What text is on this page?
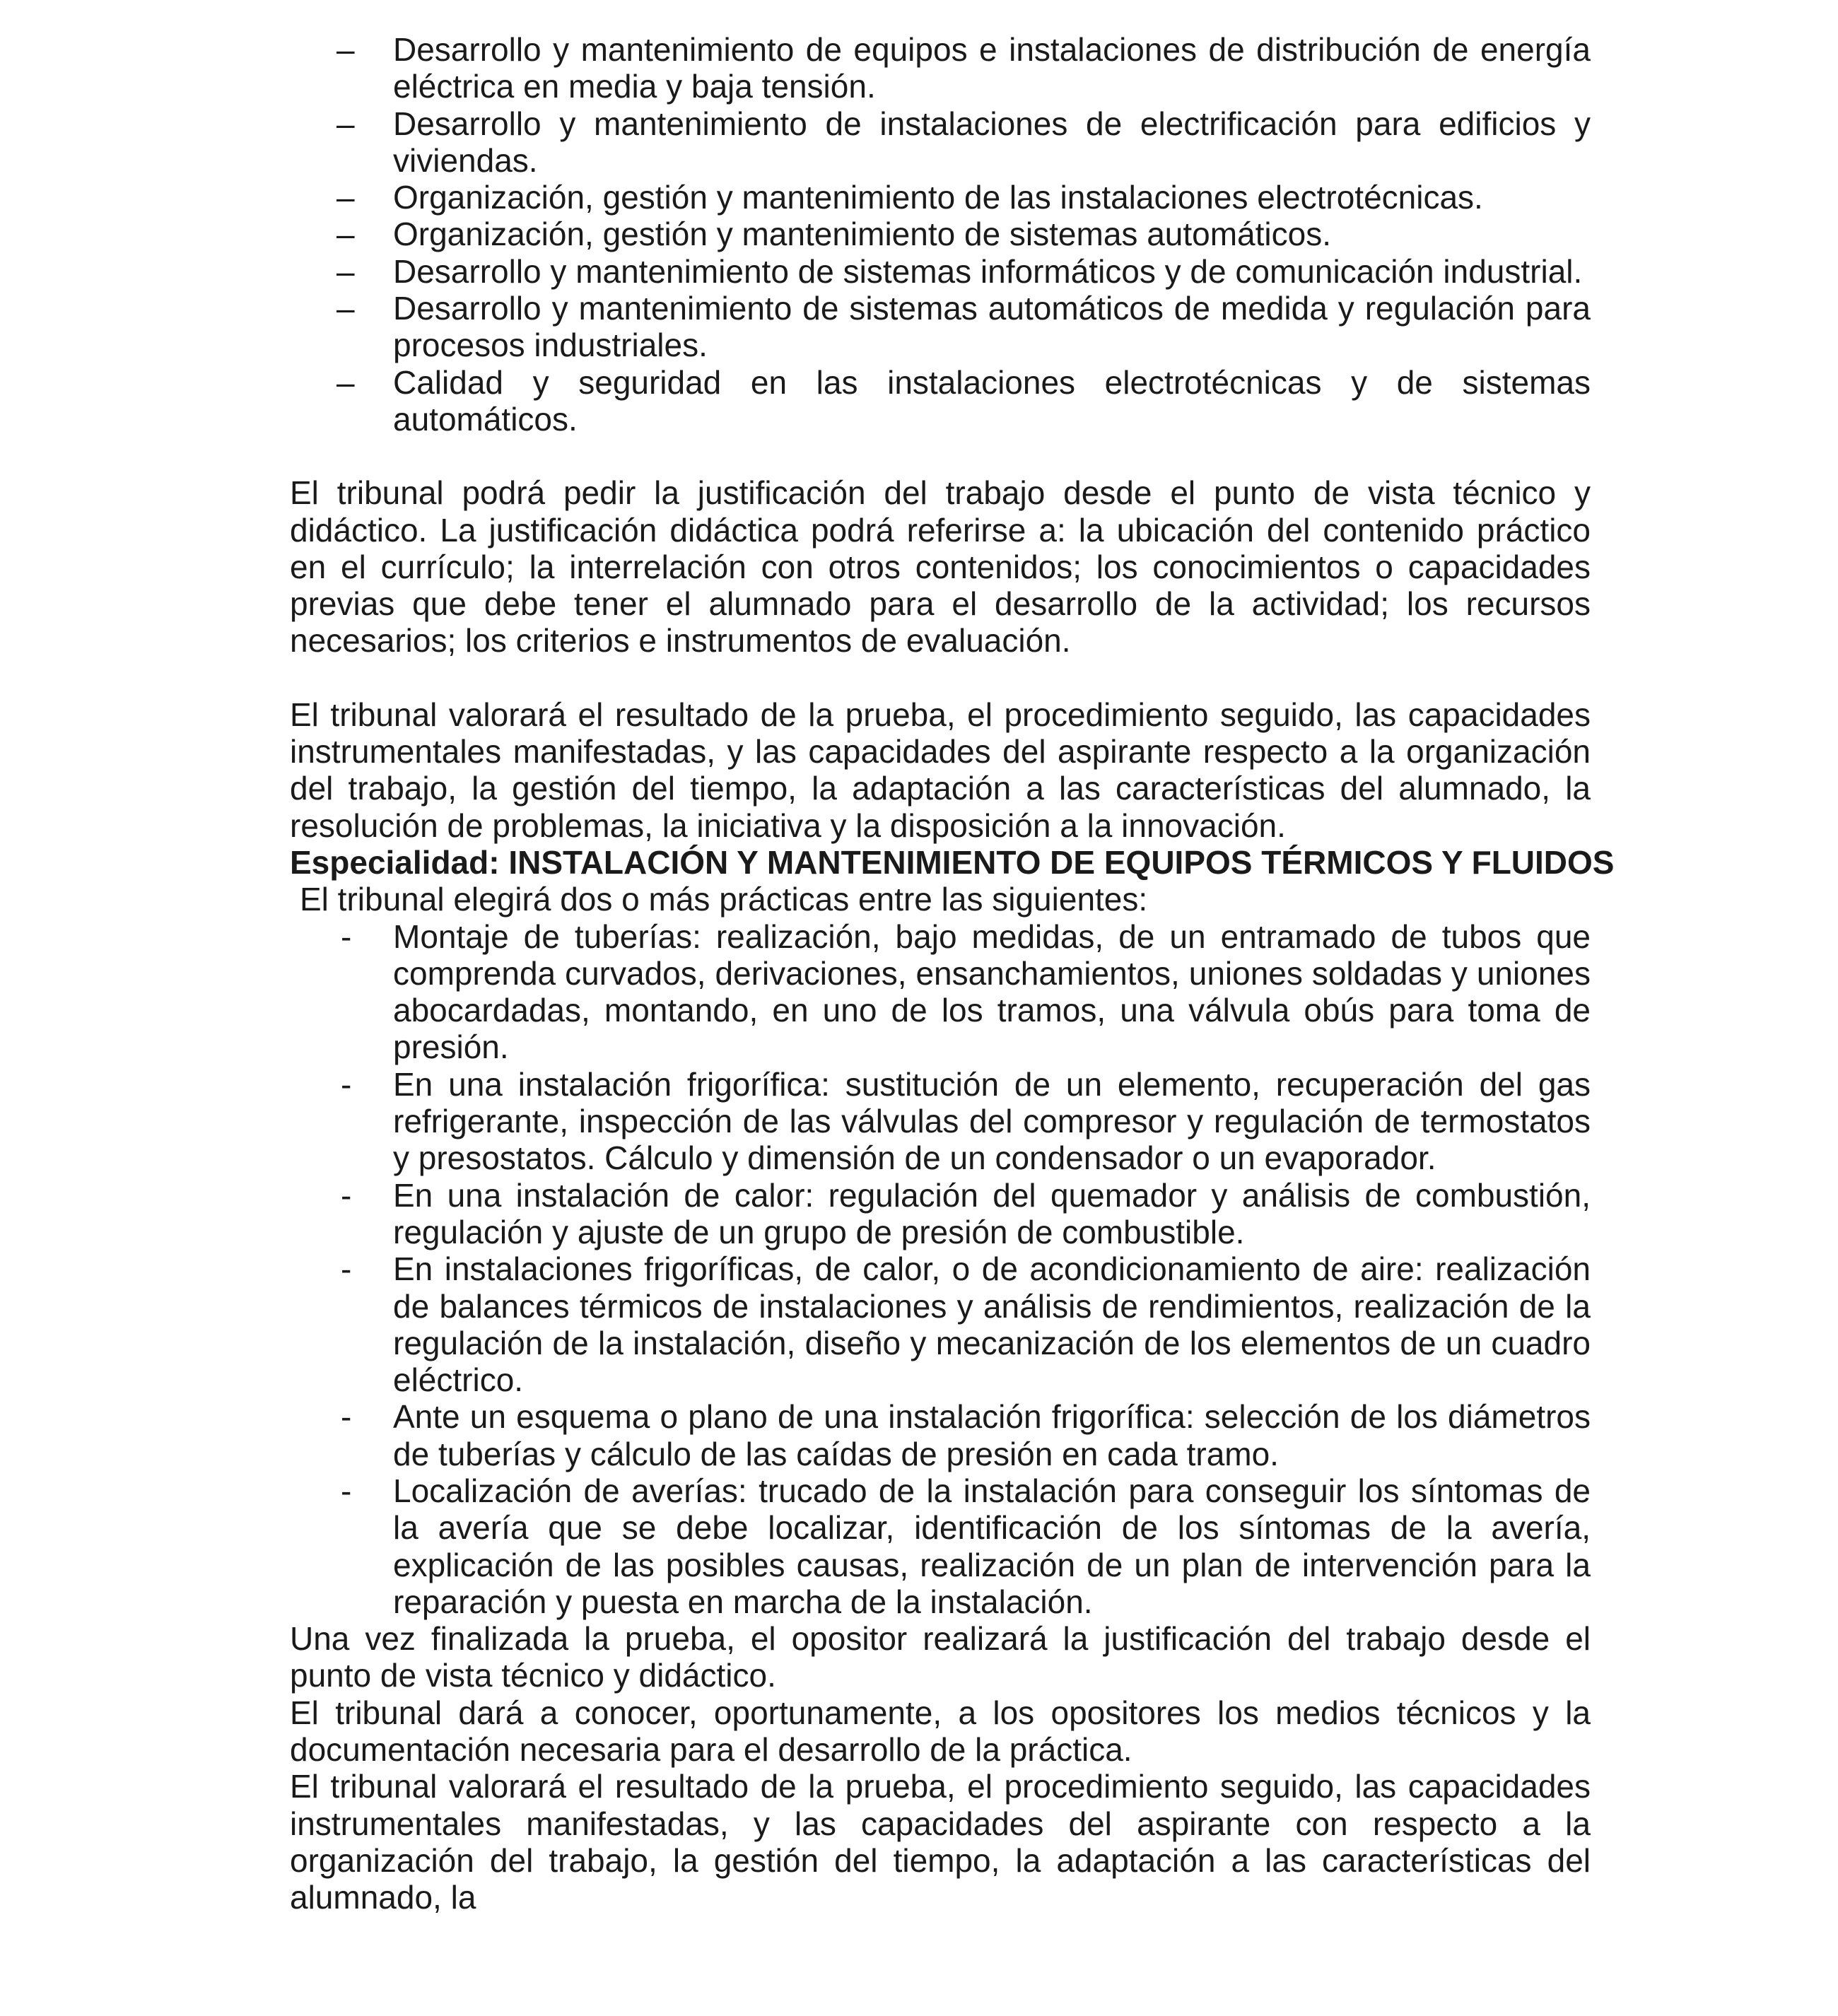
–	Desarrollo y mantenimiento de equipos e instalaciones de distribución de energía eléctrica en media y baja tensión.
–	Desarrollo y mantenimiento de instalaciones de electrificación para edificios y viviendas.
–	Organización, gestión y mantenimiento de las instalaciones electrotécnicas.
–	Organización, gestión y mantenimiento de sistemas automáticos.
–	Desarrollo y mantenimiento de sistemas informáticos y de comunicación industrial.
–	Desarrollo y mantenimiento de sistemas automáticos de medida y regulación para procesos industriales.
–	Calidad y seguridad en las instalaciones electrotécnicas y de sistemas automáticos.

El tribunal podrá pedir la justificación del trabajo desde el punto de vista técnico y didáctico. La justificación didáctica podrá referirse a: la ubicación del contenido práctico en el currículo; la interrelación con otros contenidos; los conocimientos o capacidades previas que debe tener el alumnado para el desarrollo de la actividad; los recursos necesarios; los criterios e instrumentos de evaluación.

El tribunal valorará el resultado de la prueba, el procedimiento seguido, las capacidades instrumentales manifestadas, y las capacidades del aspirante respecto a la organización del trabajo, la gestión del tiempo, la adaptación a las características del alumnado, la resolución de problemas, la iniciativa y la disposición a la innovación.

Especialidad: INSTALACIÓN Y MANTENIMIENTO DE EQUIPOS TÉRMICOS Y FLUIDOS

El tribunal elegirá dos o más prácticas entre las siguientes:

-	Montaje de tuberías: realización, bajo medidas, de un entramado de tubos que comprenda curvados, derivaciones, ensanchamientos, uniones soldadas y uniones abocardadas, montando, en uno de los tramos, una válvula obús para toma de presión.
-	En una instalación frigorífica: sustitución de un elemento, recuperación del gas refrigerante, inspección de las válvulas del compresor y regulación de termostatos y presostatos. Cálculo y dimensión de un condensador o un evaporador.
-	En una instalación de calor: regulación del quemador y análisis de combustión, regulación y ajuste de un grupo de presión de combustible.
-	En instalaciones frigoríficas, de calor, o de acondicionamiento de aire: realización de balances térmicos de instalaciones y análisis de rendimientos, realización de la regulación de la instalación, diseño y mecanización de los elementos de un cuadro eléctrico.
-	Ante un esquema o plano de una instalación frigorífica: selección de los diámetros de tuberías y cálculo de las caídas de presión en cada tramo.
-	Localización de averías: trucado de la instalación para conseguir los síntomas de la avería que se debe localizar, identificación de los síntomas de la avería, explicación de las posibles causas, realización de un plan de intervención para la reparación y puesta en marcha de la instalación.

Una vez finalizada la prueba, el opositor realizará la justificación del trabajo desde el punto de vista técnico y didáctico.

El tribunal dará a conocer, oportunamente, a los opositores los medios técnicos y la documentación necesaria para el desarrollo de la práctica.

El tribunal valorará el resultado de la prueba, el procedimiento seguido, las capacidades instrumentales manifestadas, y las capacidades del aspirante con respecto a la organización del trabajo, la gestión del tiempo, la adaptación a las características del alumnado, la
